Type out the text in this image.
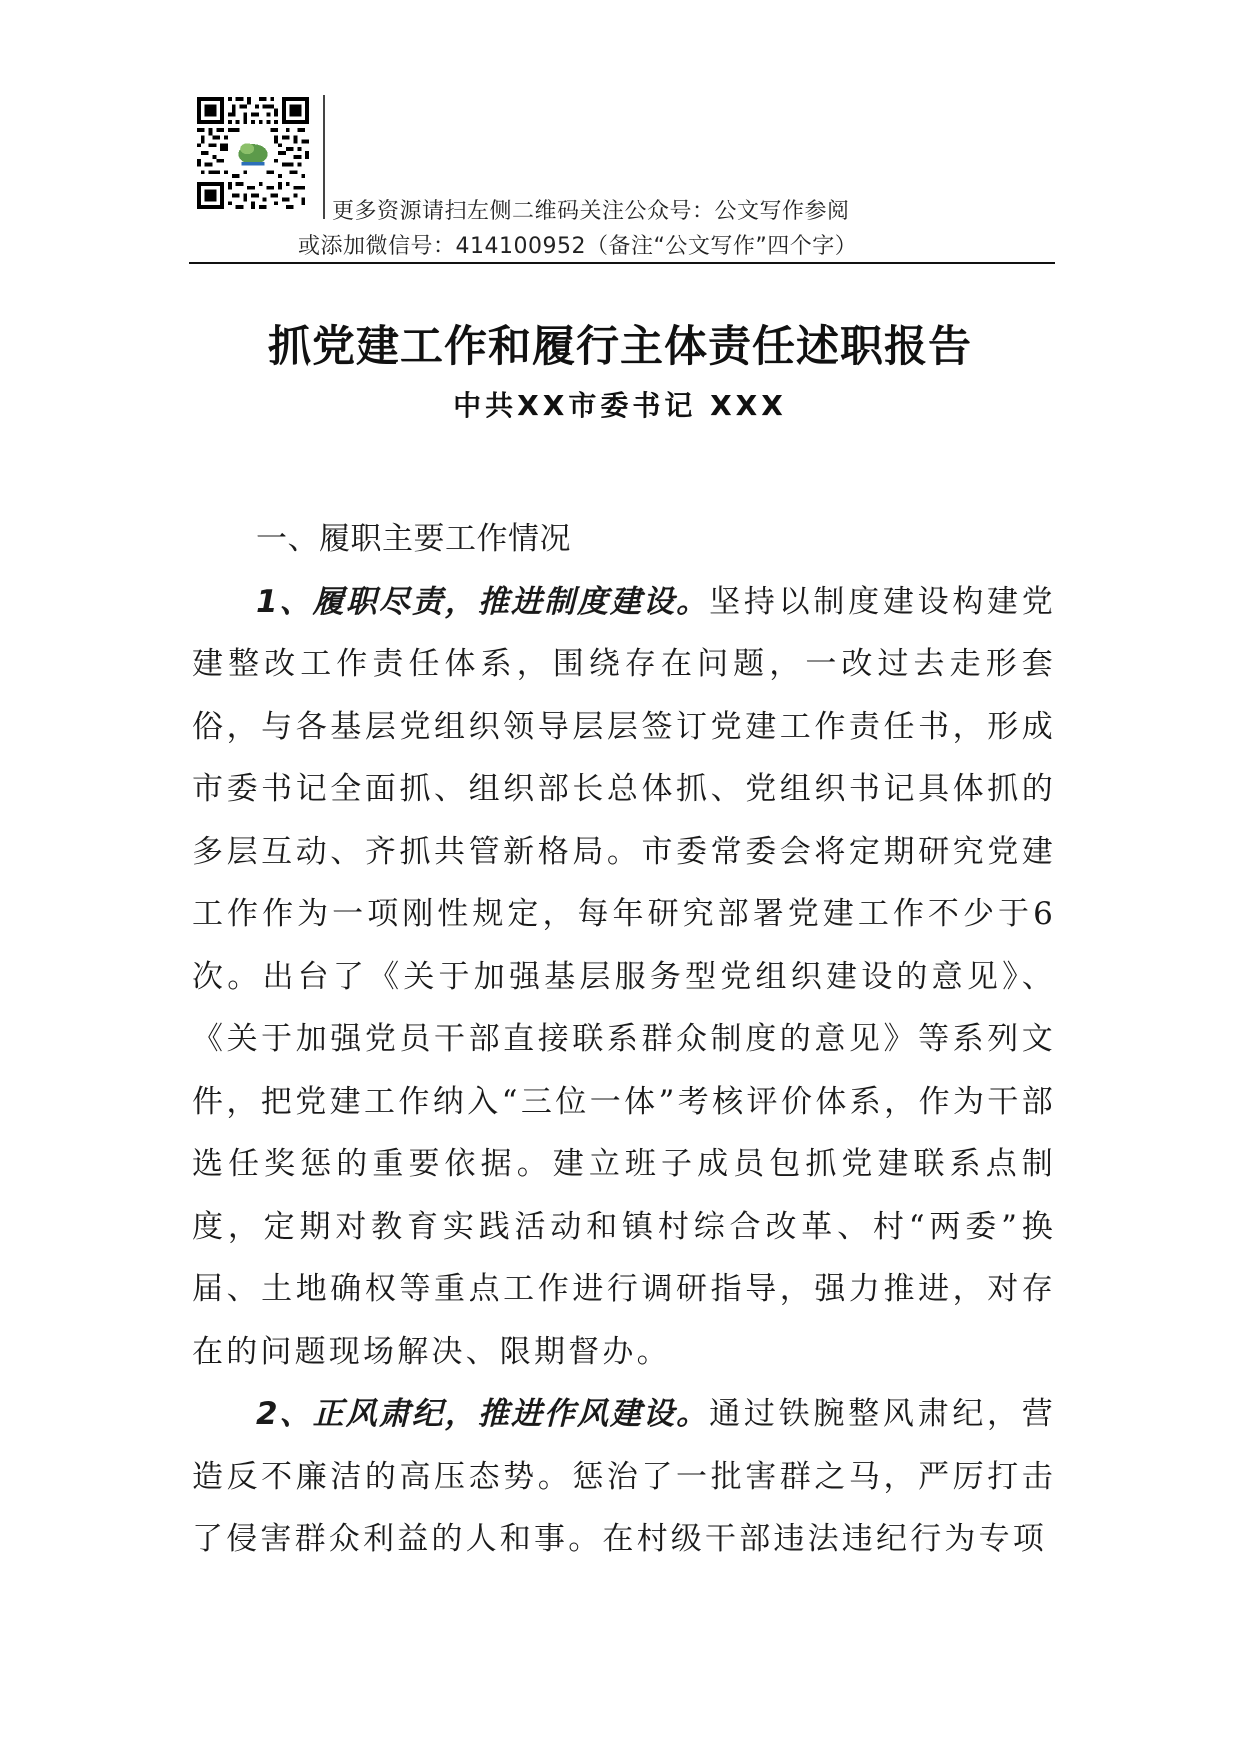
更多资源请扫左侧二维码关注公众号：公文写作参阅
或添加微信号：414100952（备注“公文写作”四个字）
抓党建工作和履行主体责任述职报告
中共XX市委书记 XXX
一、履职主要工作情况

1、履职尽责，推进制度建设。坚持以制度建设构建党建整改工作责任体系，围绕存在问题，一改过去走形套俗，与各基层党组织领导层层签订党建工作责任书，形成市委书记全面抓、组织部长总体抓、党组织书记具体抓的多层互动、齐抓共管新格局。市委常委会将定期研究党建工作作为一项刚性规定，每年研究部署党建工作不少于6次。出台了《关于加强基层服务型党组织建设的意见》、《关于加强党员干部直接联系群众制度的意见》等系列文件，把党建工作纳入“三位一体”考核评价体系，作为干部选任奖惩的重要依据。建立班子成员包抓党建联系点制度，定期对教育实践活动和镇村综合改革、村“两委”换届、土地确权等重点工作进行调研指导，强力推进，对存在的问题现场解决、限期督办。

2、正风肃纪，推进作风建设。通过铁腕整风肃纪，营造反不廉洁的高压态势。惩治了一批害群之马，严厉打击了侵害群众利益的人和事。在村级干部违法违纪行为专项
